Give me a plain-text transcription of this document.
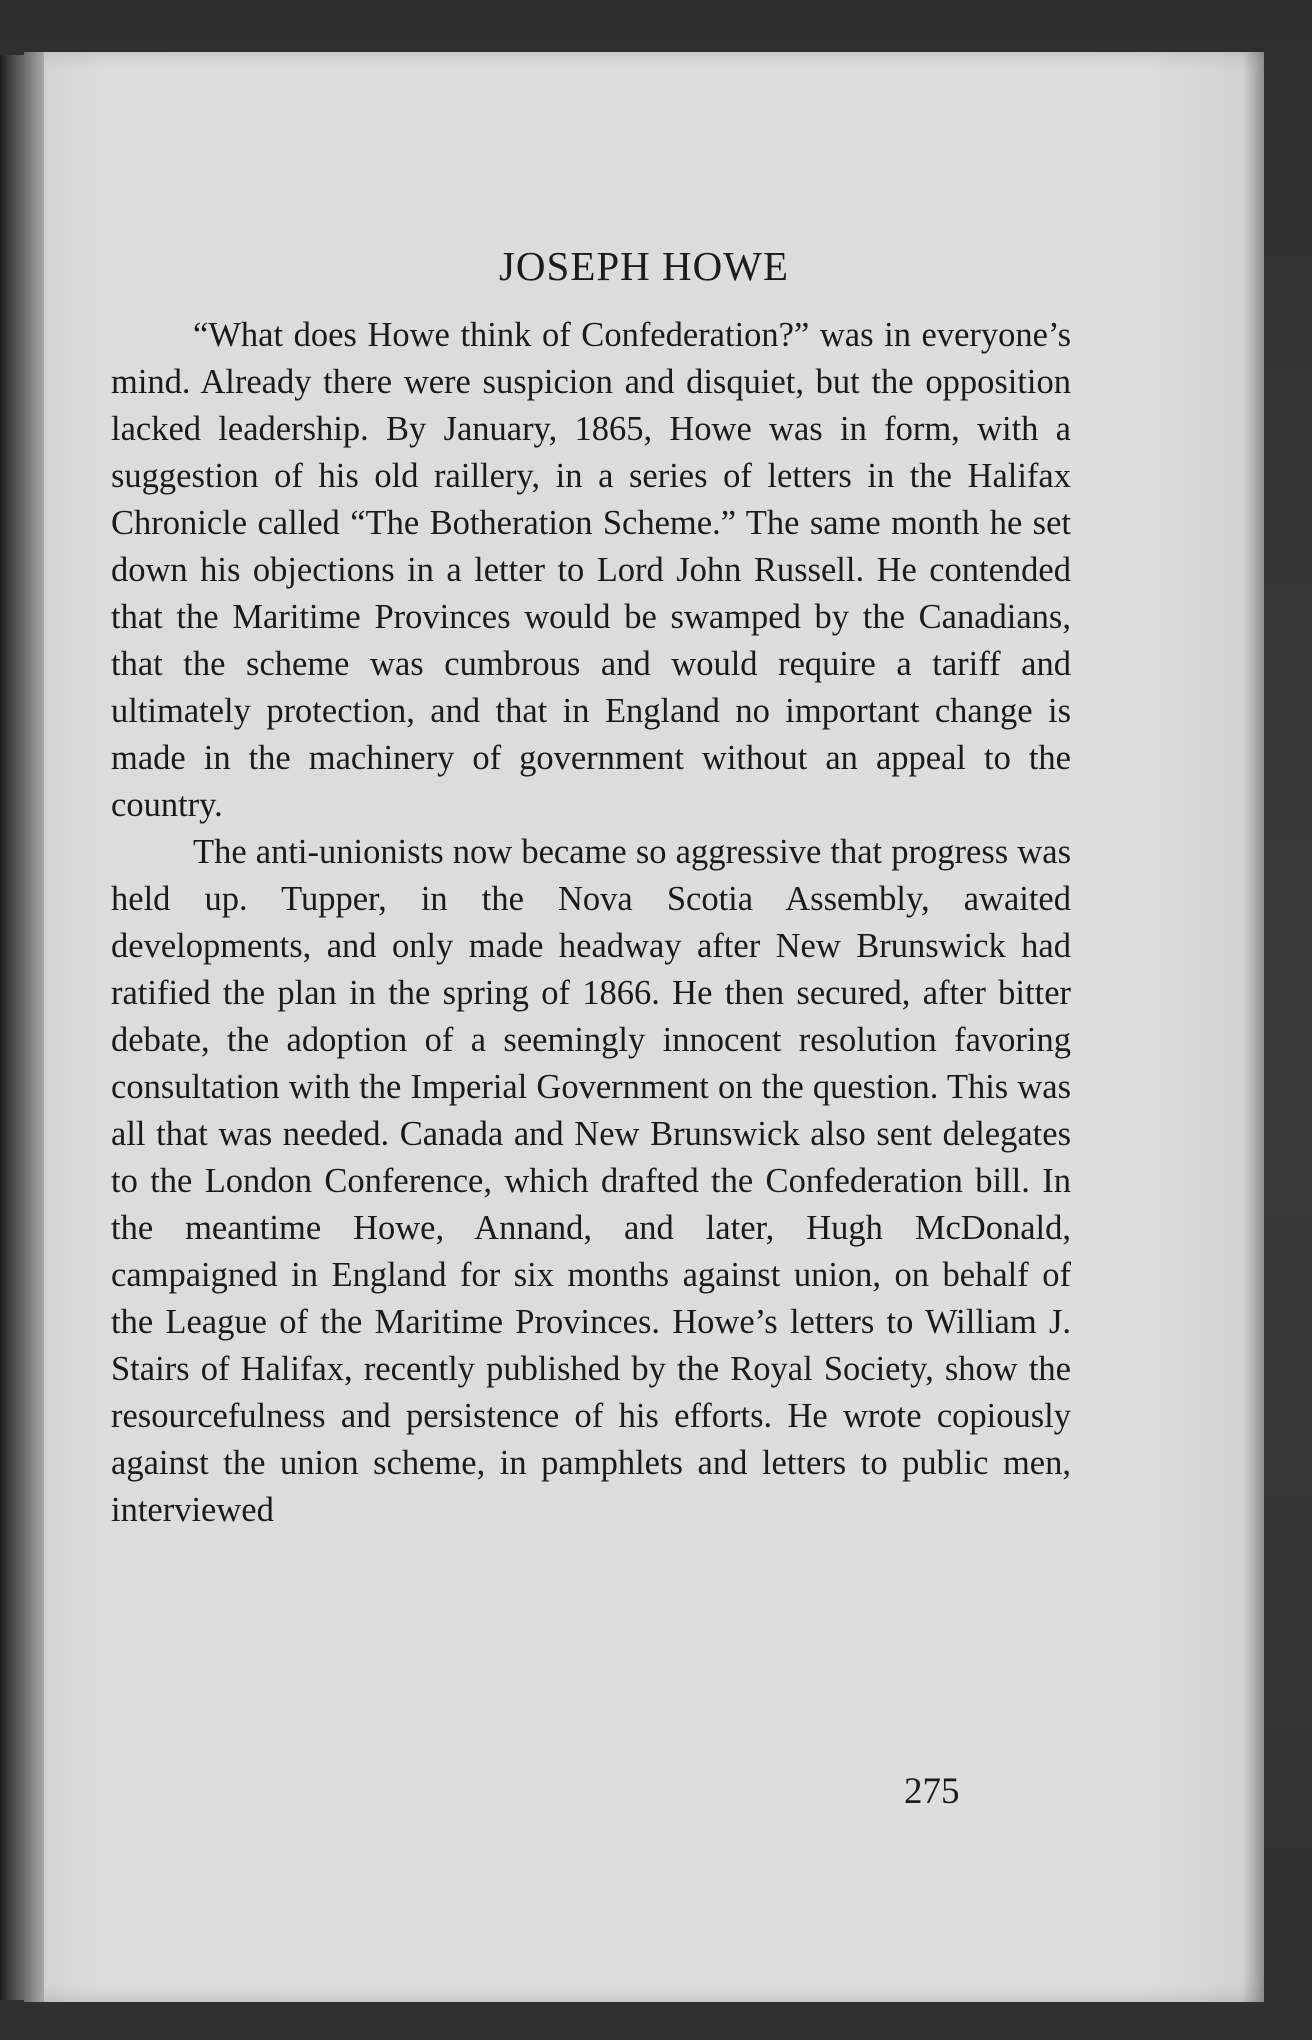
JOSEPH HOWE

“What does Howe think of Confederation?” was in everyone’s mind. Already there were suspicion and disquiet, but the opposition lacked leadership. By January, 1865, Howe was in form, with a suggestion of his old raillery, in a series of letters in the Halifax Chronicle called “The Botheration Scheme.” The same month he set down his objections in a letter to Lord John Russell. He contended that the Maritime Provinces would be swamped by the Canadians, that the scheme was cumbrous and would require a tariff and ultimately protection, and that in England no important change is made in the machinery of government without an appeal to the country.

The anti-unionists now became so aggressive that progress was held up. Tupper, in the Nova Scotia Assembly, awaited developments, and only made headway after New Brunswick had ratified the plan in the spring of 1866. He then secured, after bitter debate, the adoption of a seemingly innocent resolution favoring consultation with the Imperial Government on the question. This was all that was needed. Canada and New Brunswick also sent delegates to the London Conference, which drafted the Confederation bill. In the meantime Howe, Annand, and later, Hugh McDonald, campaigned in England for six months against union, on behalf of the League of the Maritime Provinces. Howe’s letters to William J. Stairs of Halifax, recently published by the Royal Society, show the resourcefulness and persistence of his efforts. He wrote copiously against the union scheme, in pamphlets and letters to public men, interviewed

275
